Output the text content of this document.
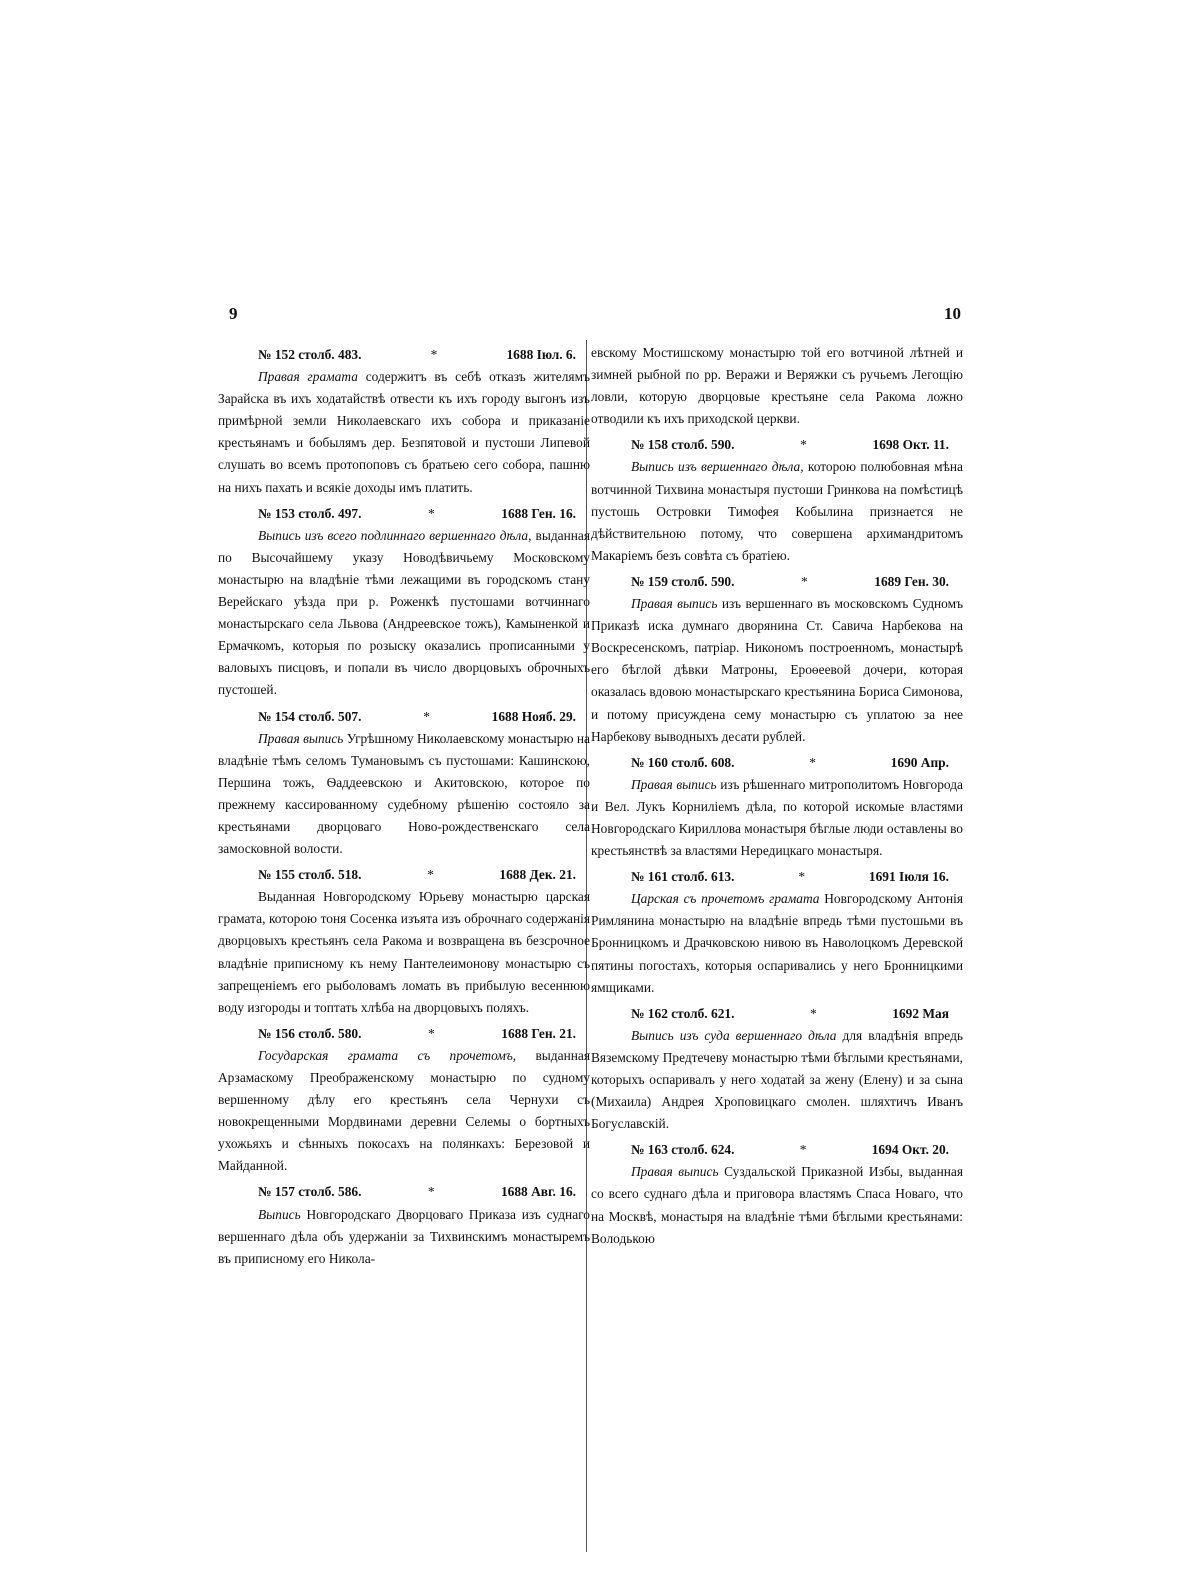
9	10
№ 152 столб. 483.	*	1688 Іюл. 6.

Правая грамата содержитъ въ себѣ отказъ жителямъ Зарайска въ ихъ ходатайствѣ отвести къ ихъ городу выгонъ изъ примѣрной земли Николаевскаго ихъ собора и приказаніе крестьянамъ и бобылямъ дер. Безпятовой и пустоши Липевой слушать во всемъ протопоповъ съ братьею сего собора, пашню на нихъ пахать и всякіе доходы имъ платить.

№ 153 столб. 497.	*	1688 Ген. 16.

Выпись изъ всего подлиннаго вершеннаго дѣла, выданная по Высочайшему указу Новодѣвичьему Московскому монастырю на владѣніе тѣми лежащими въ городскомъ стану Верейскаго уѣзда при р. Роженкѣ пустошами вотчиннаго монастырскаго села Львова (Андреевское тожъ), Камыненкой и Ермачкомъ, которыя по розыску оказались прописанными у валовыхъ писцовъ, и попали въ число дворцовыхъ оброчныхъ пустошей.

№ 154 столб. 507.	*	1688 Нояб. 29.

Правая выпись Угрѣшному Николаевскому монастырю на владѣніе тѣмъ селомъ Тумановымъ съ пустошами: Кашинскою, Першина тожъ, Ѳаддеевскою и Акитовскою, которое по прежнему кассированному судебному рѣшенію состояло за крестьянами дворцоваго Ново-рождественскаго села замосковной волости.

№ 155 столб. 518.	*	1688 Дек. 21.

Выданная Новгородскому Юрьеву монастырю царская грамата, которою тоня Сосенка изъята изъ оброчнаго содержанія дворцовыхъ крестьянъ села Ракома и возвращена въ безсрочное владѣніе приписному къ нему Пантелеимонову монастырю съ запрещеніемъ его рыболовамъ ломать въ прибылую весеннюю воду изгороды и топтать хлѣба на дворцовыхъ поляхъ.

№ 156 столб. 580.	*	1688 Ген. 21.

Государская грамата съ прочетомъ, выданная Арзамаскому Преображенскому монастырю по судному вершенному дѣлу его крестьянъ села Чернухи съ новокрещенными Мордвинами деревни Селемы о бортныхъ ухожьяхъ и сѣнныхъ покосахъ на полянкахъ: Березовой и Майданной.

№ 157 столб. 586.	*	1688 Авг. 16.

Выпись Новгородскаго Дворцоваго Приказа изъ суднаго вершеннаго дѣла объ удержаніи за Тихвинскимъ монастыремъ въ приписному его Никола-

евскому Мостишскому монастырю той его вотчиной лѣтней и зимней рыбной по рр. Веражи и Веряжки съ ручьемъ Легощію ловли, которую дворцовые крестьяне села Ракома ложно отводили къ ихъ приходской церкви.

№ 158 столб. 590.	*	1698 Окт. 11.

Выпись изъ вершеннаго дѣла, которою полюбовная мѣна вотчинной Тихвина монастыря пустоши Гринкова на помѣстицѣ пустошь Островки Тимофея Кобылина признается не дѣйствительною потому, что совершена архимандритомъ Макаріемъ безъ совѣта съ братіею.

№ 159 столб. 590.	*	1689 Ген. 30.

Правая выпись изъ вершеннаго въ московскомъ Судномъ Приказѣ иска думнаго дворянина Ст. Савича Нарбекова на Воскресенскомъ, патріар. Никономъ построенномъ, монастырѣ его бѣглой дѣвки Матроны, Ероѳеевой дочери, которая оказалась вдовою монастырскаго крестьянина Бориса Симонова, и потому присуждена сему монастырю съ уплатою за нее Нарбекову выводныхъ десати рублей.

№ 160 столб. 608.	*	1690 Апр.

Правая выпись изъ рѣшеннаго митрополитомъ Новгорода и Вел. Лукъ Корниліемъ дѣла, по которой искомые властями Новгородскаго Кириллова монастыря бѣглые люди оставлены во крестьянствѣ за властями Нередицкаго монастыря.

№ 161 столб. 613.	*	1691 Іюля 16.

Царская съ прочетомъ грамата Новгородскому Антонія Римлянина монастырю на владѣніе впредь тѣми пустошьми въ Бронницкомъ и Драчковскою нивою въ Наволоцкомъ Деревской пятины погостахъ, которыя оспаривались у него Бронницкими ямщиками.

№ 162 столб. 621.	*	1692 Мая

Выпись изъ суда вершеннаго дѣла для владѣнія впредь Вяземскому Предтечеву монастырю тѣми бѣглыми крестьянами, которыхъ оспаривалъ у него ходатай за жену (Елену) и за сына (Михаила) Андрея Хроповицкаго смолен. шляхтичъ Иванъ Богуславскій.

№ 163 столб. 624.	*	1694 Окт. 20.

Правая выпись Суздальской Приказной Избы, выданная со всего суднаго дѣла и приговора властямъ Спаса Новаго, что на Москвѣ, монастыря на владѣніе тѣми бѣглыми крестьянами: Володькою
